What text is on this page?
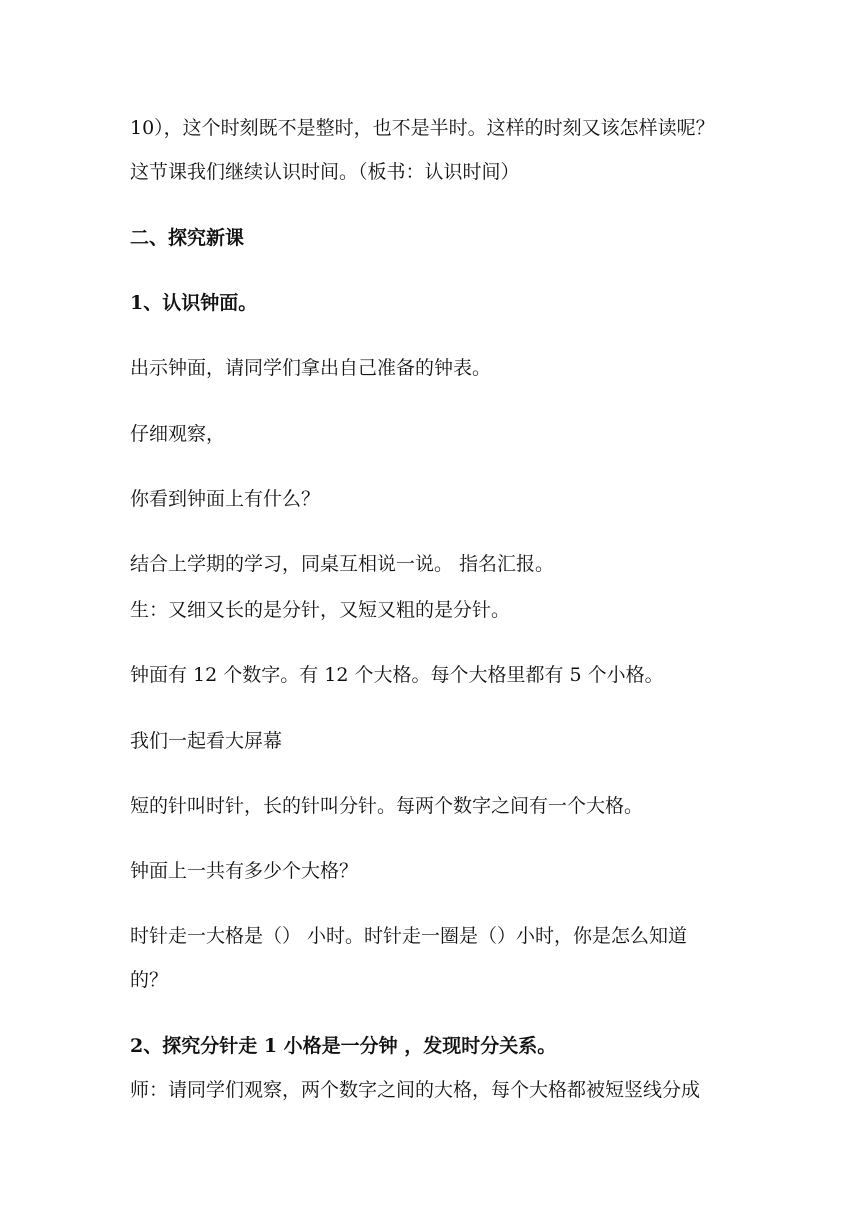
10），这个时刻既不是整时，也不是半时。这样的时刻又该怎样读呢？

这节课我们继续认识时间。（板书：认识时间）

二、探究新课

1、认识钟面。

出示钟面，请同学们拿出自己准备的钟表。

仔细观察，

你看到钟面上有什么？

结合上学期的学习，同桌互相说一说。 指名汇报。

生：又细又长的是分针，又短又粗的是分针。

钟面有 12 个数字。有 12 个大格。每个大格里都有 5 个小格。

我们一起看大屏幕

短的针叫时针，长的针叫分针。每两个数字之间有一个大格。

钟面上一共有多少个大格？

时针走一大格是（） 小时。时针走一圈是（）小时，你是怎么知道

的？

2、探究分针走 1 小格是一分钟 ，发现时分关系。

师：请同学们观察，两个数字之间的大格，每个大格都被短竖线分成
